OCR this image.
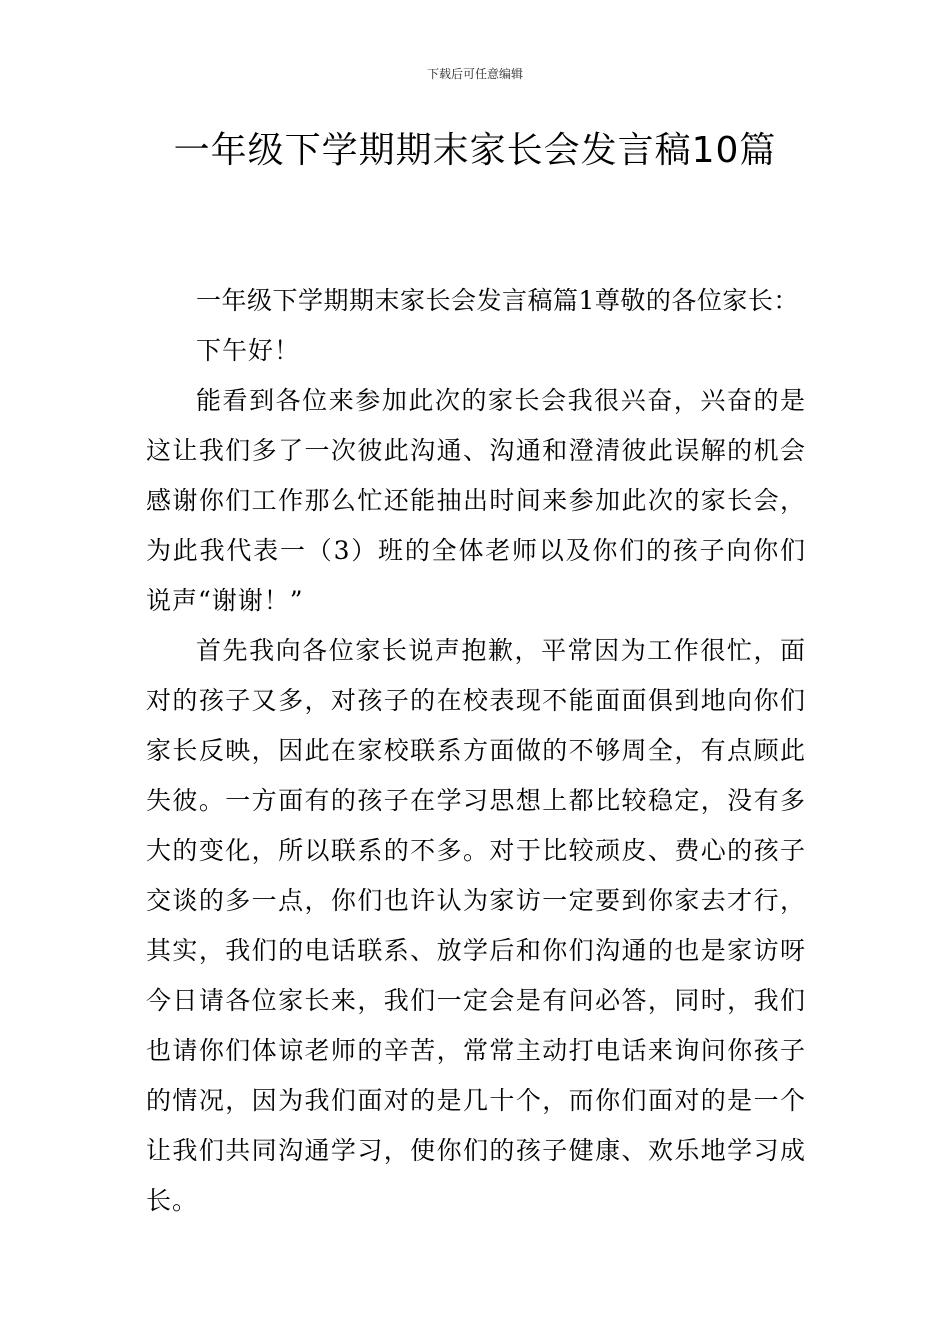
下载后可任意编辑
一年级下学期期末家长会发言稿10篇

一年级下学期期末家长会发言稿篇1尊敬的各位家长：

下午好！

能看到各位来参加此次的家长会我很兴奋，兴奋的是这让我们多了一次彼此沟通、沟通和澄清彼此误解的机会感谢你们工作那么忙还能抽出时间来参加此次的家长会，为此我代表一（3）班的全体老师以及你们的孩子向你们说声“谢谢！”

首先我向各位家长说声抱歉，平常因为工作很忙，面对的孩子又多，对孩子的在校表现不能面面俱到地向你们家长反映，因此在家校联系方面做的不够周全，有点顾此失彼。一方面有的孩子在学习思想上都比较稳定，没有多大的变化，所以联系的不多。对于比较顽皮、费心的孩子交谈的多一点，你们也许认为家访一定要到你家去才行，其实，我们的电话联系、放学后和你们沟通的也是家访呀今日请各位家长来，我们一定会是有问必答，同时，我们也请你们体谅老师的辛苦，常常主动打电话来询问你孩子的情况，因为我们面对的是几十个，而你们面对的是一个让我们共同沟通学习，使你们的孩子健康、欢乐地学习成长。
